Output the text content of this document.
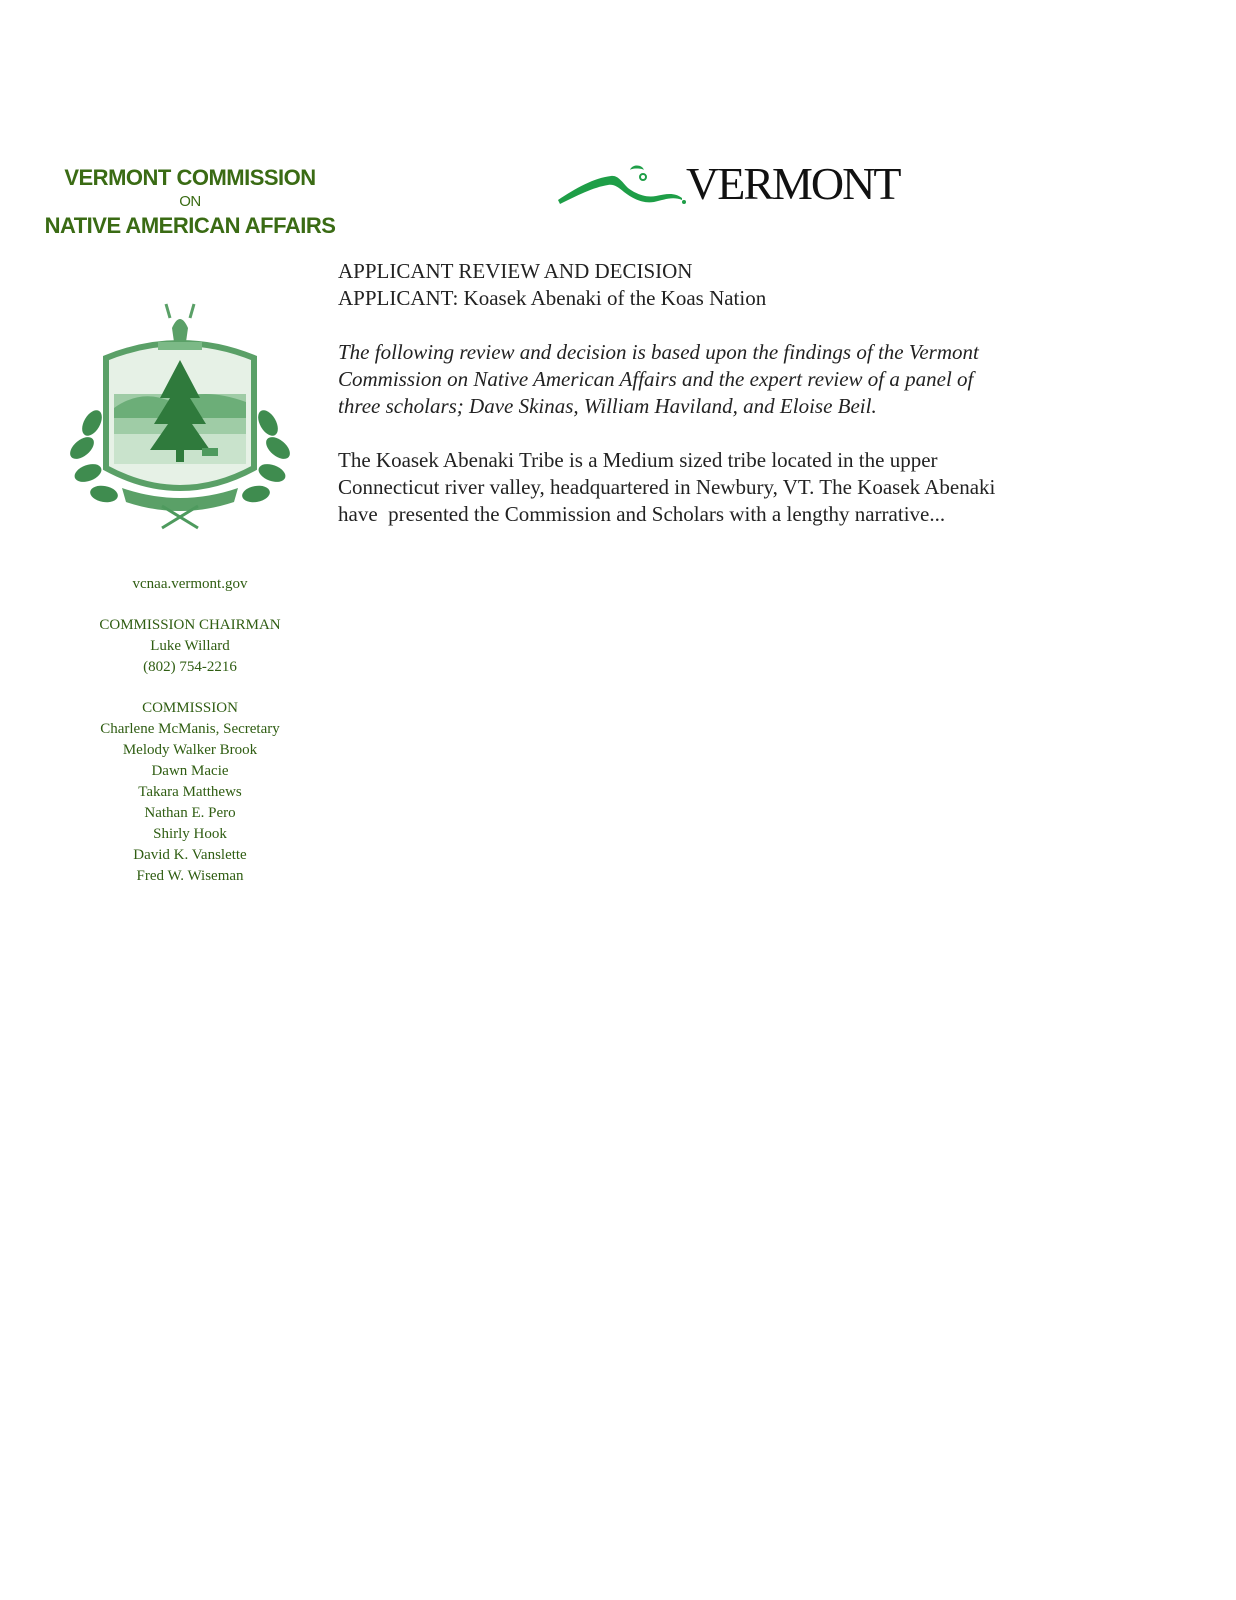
VERMONT COMMISSION
ON
NATIVE AMERICAN AFFAIRS
VERMONT
vcnaa.vermont.gov
COMMISSION CHAIRMAN
Luke Willard
(802) 754-2216
COMMISSION
Charlene McManis, Secretary
Melody Walker Brook
Dawn Macie
Takara Matthews
Nathan E. Pero
Shirly Hook
David K. Vanslette
Fred W. Wiseman

APPLICANT REVIEW AND DECISION

APPLICANT: Koasek Abenaki of the Koas Nation

The following review and decision is based upon the findings of the Vermont

Commission on Native American Affairs and the expert review of a panel of

three scholars; Dave Skinas, William Haviland, and Eloise Beil.

The Koasek Abenaki Tribe is a Medium sized tribe located in the upper

Connecticut river valley, headquartered in Newbury, VT. The Koasek Abenaki

have  presented the Commission and Scholars with a lengthy narrative...
